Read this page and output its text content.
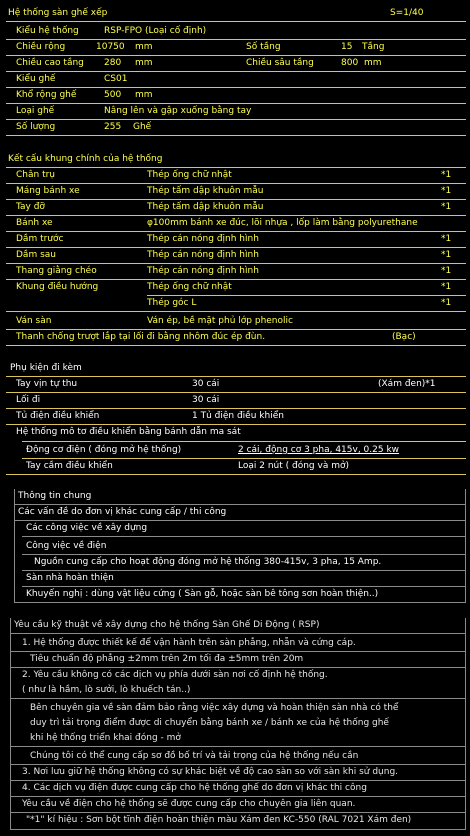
Hệ thống sàn ghế xếp	S=1/40
Kiểu hệ thống	RSP-FPO (Loại cố định)
Chiều rộng	10750 mm	Số tầng	15 Tầng
Chiều cao tầng 280 mm	Chiều sâu tầng	800 mm
Kiểu ghế	CS01
Khổ rộng ghế	500 mm
Loại ghế	Nâng lên và gập xuống bằng tay
Số lượng	255 Ghế
Kết cấu khung chính của hệ thống
Chân trụ	Thép ống chữ nhật	*1
Máng bánh xe	Thép tấm dập khuôn mẫu	*1
Tay đỡ	Thép tấm dập khuôn mẫu	*1
Bánh xe	φ100mm bánh xe đúc, lõi nhựa , lốp làm bằng polyurethane
Dầm trước	Thép cán nóng định hình	*1
Dầm sau	Thép cán nóng định hình	*1
Thang giằng chéo	Thép cán nóng định hình	*1
Khung điều hướng	Thép ống chữ nhật	*1
Thép góc L	*1
Ván sàn	Ván ép, bề mặt phủ lớp phenolic
Thanh chống trượt lắp tại lối đi bằng nhôm đúc ép đùn.	(Bạc)
Phụ kiện đi kèm
Tay vịn tự thu	30 cái	(Xám đen)*1
Lối đi	30 cái
Tủ điện điều khiển	1 Tủ điện điều khiển
Hệ thống mô tơ điều khiển bằng bánh dẫn ma sát
Động cơ điện ( đóng mở hệ thống)	2 cái, động cơ 3 pha, 415v, 0.25 kw
Tay cầm điều khiển	Loại 2 nút ( đóng và mở)
Thông tin chung
Các vấn đề do đơn vị khác cung cấp / thi công
Các công việc về xây dựng
Công việc về điện
Nguồn cung cấp cho hoạt động đóng mở hệ thống 380-415v, 3 pha, 15 Amp.
Sàn nhà hoàn thiện
Khuyến nghị : dùng vật liệu cứng ( Sàn gỗ, hoặc sàn bê tông sơn hoàn thiện..)
Yêu cầu kỹ thuật về xây dựng cho hệ thống Sàn Ghế Di Động ( RSP)
1. Hệ thống được thiết kế để vận hành trên sàn phẳng, nhẵn và cứng cáp.
Tiêu chuẩn độ phẳng ±2mm trên 2m tối đa ±5mm trên 20m
2. Yêu cầu không có các dịch vụ phía dưới sàn nơi cố định hệ thống.
( như là hầm, lò sưởi, lò khuếch tán..)
Bên chuyên gia về sàn đảm bảo rằng việc xây dựng và hoàn thiện sàn nhà có thể
duy trì tải trọng điểm được di chuyển bằng bánh xe / bánh xe của hệ thống ghế
khi hệ thống triển khai đóng - mở
Chúng tôi có thể cung cấp sơ đồ bố trí và tải trọng của hệ thống nếu cần
3. Nơi lưu giữ hệ thống không có sự khác biệt về độ cao sàn so với sàn khi sử dụng.
4. Các dịch vụ điện được cung cấp cho hệ thống ghế do đơn vị khác thi công
Yêu cầu về điện cho hệ thống sẽ được cung cấp cho chuyên gia liên quan.
"*1" kí hiệu : Sơn bột tĩnh điện hoàn thiện màu Xám đen KC-550 (RAL 7021 Xám đen)
